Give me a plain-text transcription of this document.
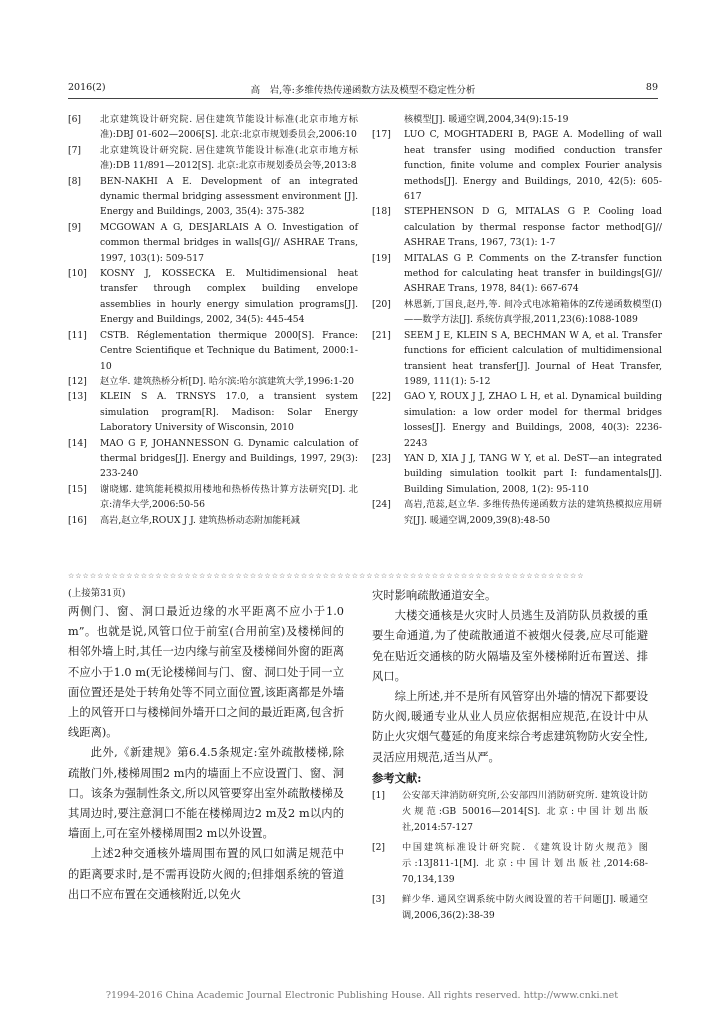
2016(2)	高　岩,等:多维传热传递函数方法及模型不稳定性分析	89
[6] 北京建筑设计研究院. 居住建筑节能设计标准(北京市地方标准):DBJ 01-602—2006[S]. 北京:北京市规划委员会,2006:10
[7] 北京建筑设计研究院. 居住建筑节能设计标准(北京市地方标准):DB 11/891—2012[S]. 北京:北京市规划委员会等,2013:8
[8] BEN-NAKHI A E. Development of an integrated dynamic thermal bridging assessment environment [J]. Energy and Buildings, 2003, 35(4): 375-382
[9] MCGOWAN A G, DESJARLAIS A O. Investigation of common thermal bridges in walls[G]// ASHRAE Trans, 1997, 103(1): 509-517
[10] KOSNY J, KOSSECKA E. Multidimensional heat transfer through complex building envelope assemblies in hourly energy simulation programs[J]. Energy and Buildings, 2002, 34(5): 445-454
[11] CSTB. Réglementation thermique 2000[S]. France: Centre Scientifique et Technique du Batiment, 2000:1-10
[12] 赵立华. 建筑热桥分析[D]. 哈尔滨:哈尔滨建筑大学,1996:1-20
[13] KLEIN S A. TRNSYS 17.0, a transient system simulation program[R]. Madison: Solar Energy Laboratory University of Wisconsin, 2010
[14] MAO G F, JOHANNESSON G. Dynamic calculation of thermal bridges[J]. Energy and Buildings, 1997, 29(3): 233-240
[15] 谢晓娜. 建筑能耗模拟用楼地和热桥传热计算方法研究[D]. 北京:清华大学,2006:50-56
[16] 高岩,赵立华,ROUX J J. 建筑热桥动态附加能耗减
核模型[J]. 暖通空调,2004,34(9):15-19
[17] LUO C, MOGHTADERI B, PAGE A. Modelling of wall heat transfer using modified conduction transfer function, finite volume and complex Fourier analysis methods[J]. Energy and Buildings, 2010, 42(5): 605-617
[18] STEPHENSON D G, MITALAS G P. Cooling load calculation by thermal response factor method[G]// ASHRAE Trans, 1967, 73(1): 1-7
[19] MITALAS G P. Comments on the Z-transfer function method for calculating heat transfer in buildings[G]// ASHRAE Trans, 1978, 84(1): 667-674
[20] 林恩新,丁国良,赵丹,等. 间冷式电冰箱箱体的Z传递函数模型(I)——数学方法[J]. 系统仿真学报,2011,23(6):1088-1089
[21] SEEM J E, KLEIN S A, BECHMAN W A, et al. Transfer functions for efficient calculation of multidimensional transient heat transfer[J]. Journal of Heat Transfer, 1989, 111(1): 5-12
[22] GAO Y, ROUX J J, ZHAO L H, et al. Dynamical building simulation: a low order model for thermal bridges losses[J]. Energy and Buildings, 2008, 40(3): 2236-2243
[23] YAN D, XIA J J, TANG W Y, et al. DeST—an integrated building simulation toolkit part I: fundamentals[J]. Building Simulation, 2008, 1(2): 95-110
[24] 高岩,范蕊,赵立华. 多维传热传递函数方法的建筑热模拟应用研究[J]. 暖通空调,2009,39(8):48-50
☆☆☆☆☆☆☆☆☆☆☆☆☆☆☆☆☆☆☆☆☆☆☆☆☆☆☆☆☆☆☆☆☆☆☆☆☆☆☆☆☆☆☆☆☆☆☆☆☆☆☆☆☆☆☆☆☆☆☆☆☆☆☆☆☆☆☆☆☆☆☆

(上接第31页)

两侧门、窗、洞口最近边缘的水平距离不应小于1.0 m”。也就是说,风管口位于前室(合用前室)及楼梯间的相邻外墙上时,其任一边内缘与前室及楼梯间外窗的距离不应小于1.0 m(无论楼梯间与门、窗、洞口处于同一立面位置还是处于转角处等不同立面位置,该距离都是外墙上的风管开口与楼梯间外墙开口之间的最近距离,包含折线距离)。

此外,《新建规》第6.4.5条规定:室外疏散楼梯,除疏散门外,楼梯周围2 m内的墙面上不应设置门、窗、洞口。该条为强制性条文,所以风管要穿出室外疏散楼梯及其周边时,要注意洞口不能在楼梯周边2 m及2 m以内的墙面上,可在室外楼梯周围2 m以外设置。

上述2种交通核外墙周围布置的风口如满足规范中的距离要求时,是不需再设防火阀的;但排烟系统的管道出口不应布置在交通核附近,以免火

灾时影响疏散通道安全。

大楼交通核是火灾时人员逃生及消防队员救援的重要生命通道,为了使疏散通道不被烟火侵袭,应尽可能避免在贴近交通核的防火隔墙及室外楼梯附近布置送、排风口。

综上所述,并不是所有风管穿出外墙的情况下都要设防火阀,暖通专业从业人员应依据相应规范,在设计中从防止火灾烟气蔓延的角度来综合考虑建筑物防火安全性,灵活应用规范,适当从严。

参考文献:

[1] 公安部天津消防研究所,公安部四川消防研究所. 建筑设计防火规范:GB 50016—2014[S]. 北京:中国计划出版社,2014:57-127
[2] 中国建筑标准设计研究院. 《建筑设计防火规范》图示:13J811-1[M]. 北京:中国计划出版社,2014:68-70,134,139
[3] 鲜少华. 通风空调系统中防火阀设置的若干问题[J]. 暖通空调,2006,36(2):38-39
?1994-2016 China Academic Journal Electronic Publishing House. All rights reserved. http://www.cnki.net
